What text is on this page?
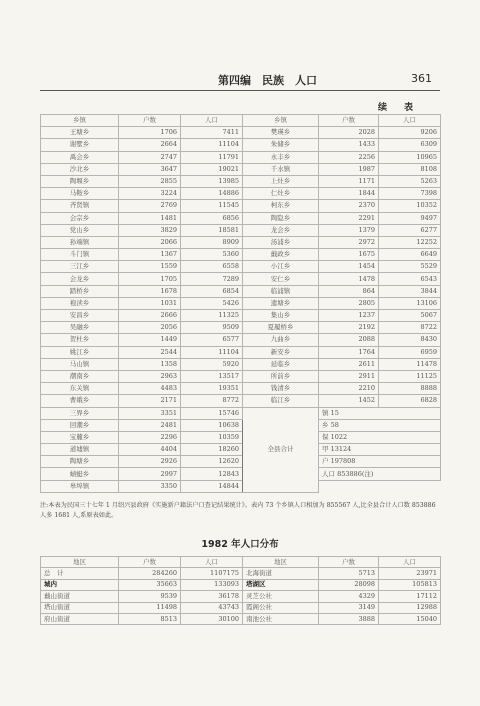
第四编　民族　人口	361
续　表
乡镇	户数	人口	乡镇	户数	人口
王塘乡	1706	7411	樊瑛乡	2028	9206
谢墅乡	2664	11104	朱储乡	1433	6309
禹会乡	2747	11791	永丰乡	2256	10965
沙北乡	3647	19021	千水镇	1987	8108
陶堰乡	2855	13985	上灶乡	1171	5263
马鞍乡	3224	14886	仁灶乡	1844	7398
齐贤镇	2769	11545	柯东乡	2370	10352
会宗乡	1481	6856	陶隐乡	2291	9497
党山乡	3829	18581	龙会乡	1379	6277
孙端镇	2066	8909	汤浦乡	2972	12252
斗门镇	1367	5360	蕺政乡	1675	6649
三江乡	1559	6558	小江乡	1454	5529
会龙乡	1705	7289	安仁乡	1478	6543
踏桥乡	1678	6854	临浦镇	864	3844
袍渎乡	1031	5426	遗塘乡	2805	13106
安昌乡	2666	11325	集山乡	1237	5067
吴融乡	2056	9509	夏履桥乡	2192	8722
贺杜乡	1449	6577	九曲乡	2088	8430
姚江乡	2544	11104	新安乡	1764	6959
马山镇	1358	5920	延临乡	2611	11478
潮南乡	2963	13517	所前乡	2911	11125
东关镇	4483	19351	钱清乡	2210	8888
曹娥乡	2171	8772	临江乡	1452	6828
三界乡	3351	15746	全县合计	镇 15	
回潮乡	2481	10638		乡 58	
宝麓乡	2296	10359		保 1022	
道墟镇	4404	18260		甲 13124	
陶塘乡	2926	12620		户 197808	
蜻蜓乡	2997	12843		人口 853886(注)	
皋埠镇	3350	14844			
注:本表为民国三十七年 1 月绍兴县政府《实施新户籍法户口查记结果统计》。表内 73 个乡镇人口相加为 855567 人,比全县合计人口数 853886 人多 1681 人,系原表如此。
1982 年人口分布
地区	户数	人口	地区	户数	人口
总　计	284260	1107175	北海街道	5713	23971
城内	35663	133093	塔湖区	28098	105813
蕺山街道	9539	36178	灵芝公社	4329	17112
塔山街道	11498	43743	霞阁公社	3149	12988
府山街道	8513	30100	南池公社	3888	15040
